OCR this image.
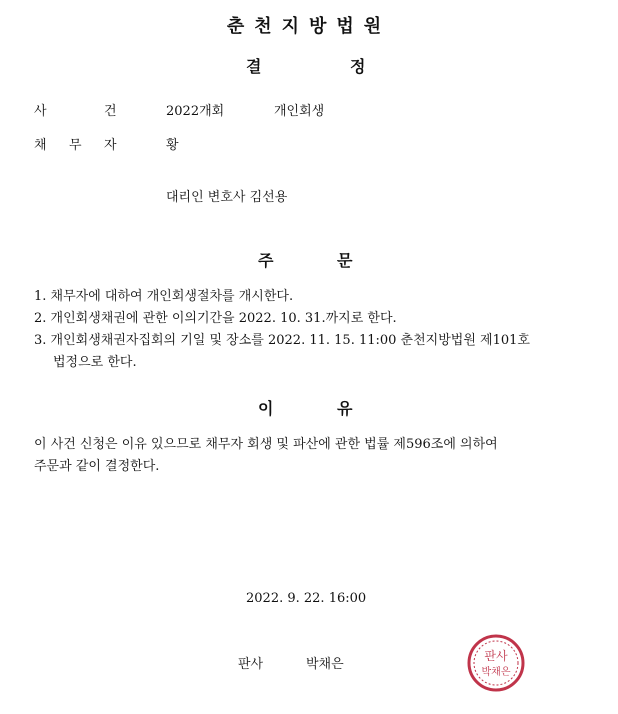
춘천지방법원
결	정
사	건	2022개회	개인회생
채 무 자	황
대리인 변호사 김선용
주	문
1. 채무자에 대하여 개인회생절차를 개시한다.
2. 개인회생채권에 관한 이의기간을 2022. 10. 31.까지로 한다.
3. 개인회생채권자집회의 기일 및 장소를 2022. 11. 15. 11:00 춘천지방법원 제101호
법정으로 한다.
이	유
이 사건 신청은 이유 있으므로 채무자 회생 및 파산에 관한 법률 제596조에 의하여
주문과 같이 결정한다.
2022. 9. 22. 16:00
판사	박채은
판사
박채은
